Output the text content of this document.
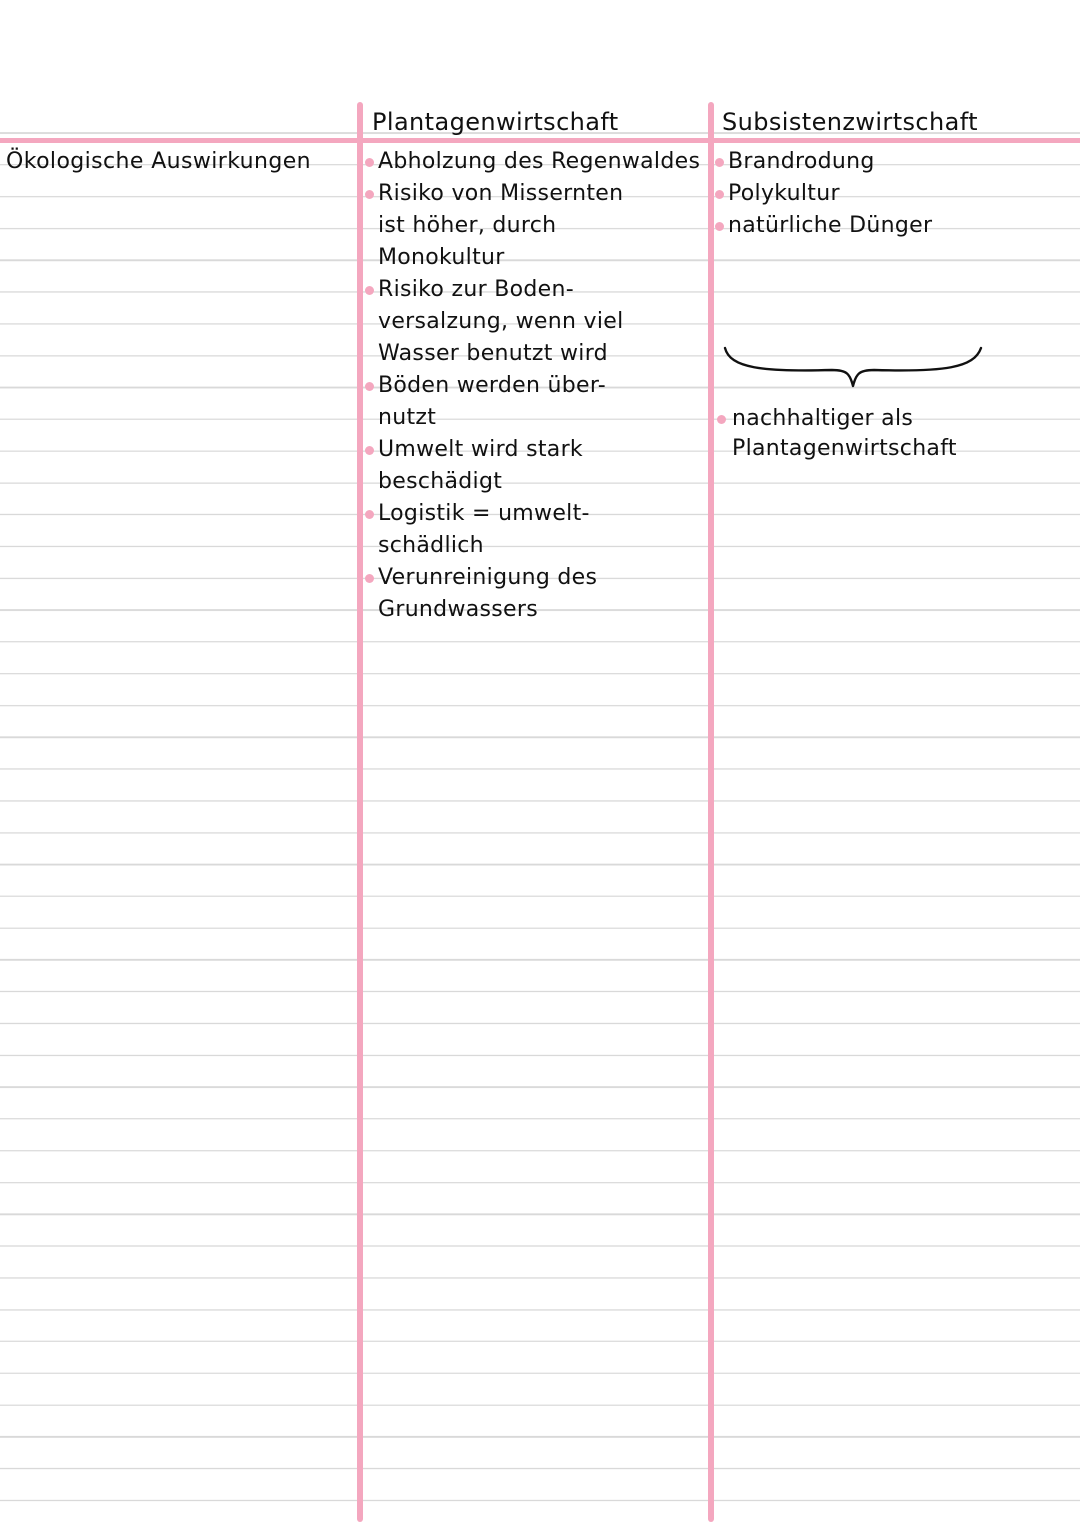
Plantagenwirtschaft	Subsistenzwirtschaft
Ökologische Auswirkungen	Abholzung des Regenwaldes
Risiko von Missernten
ist höher, durch
Monokultur
Risiko zur Boden-
versalzung, wenn viel
Wasser benutzt wird
Böden werden über-
nutzt
Umwelt wird stark
beschädigt
Logistik = umwelt-
schädlich
Verunreinigung des
Grundwassers
Brandrodung
Polykultur
natürliche Dünger
nachhaltiger als
Plantagenwirtschaft
